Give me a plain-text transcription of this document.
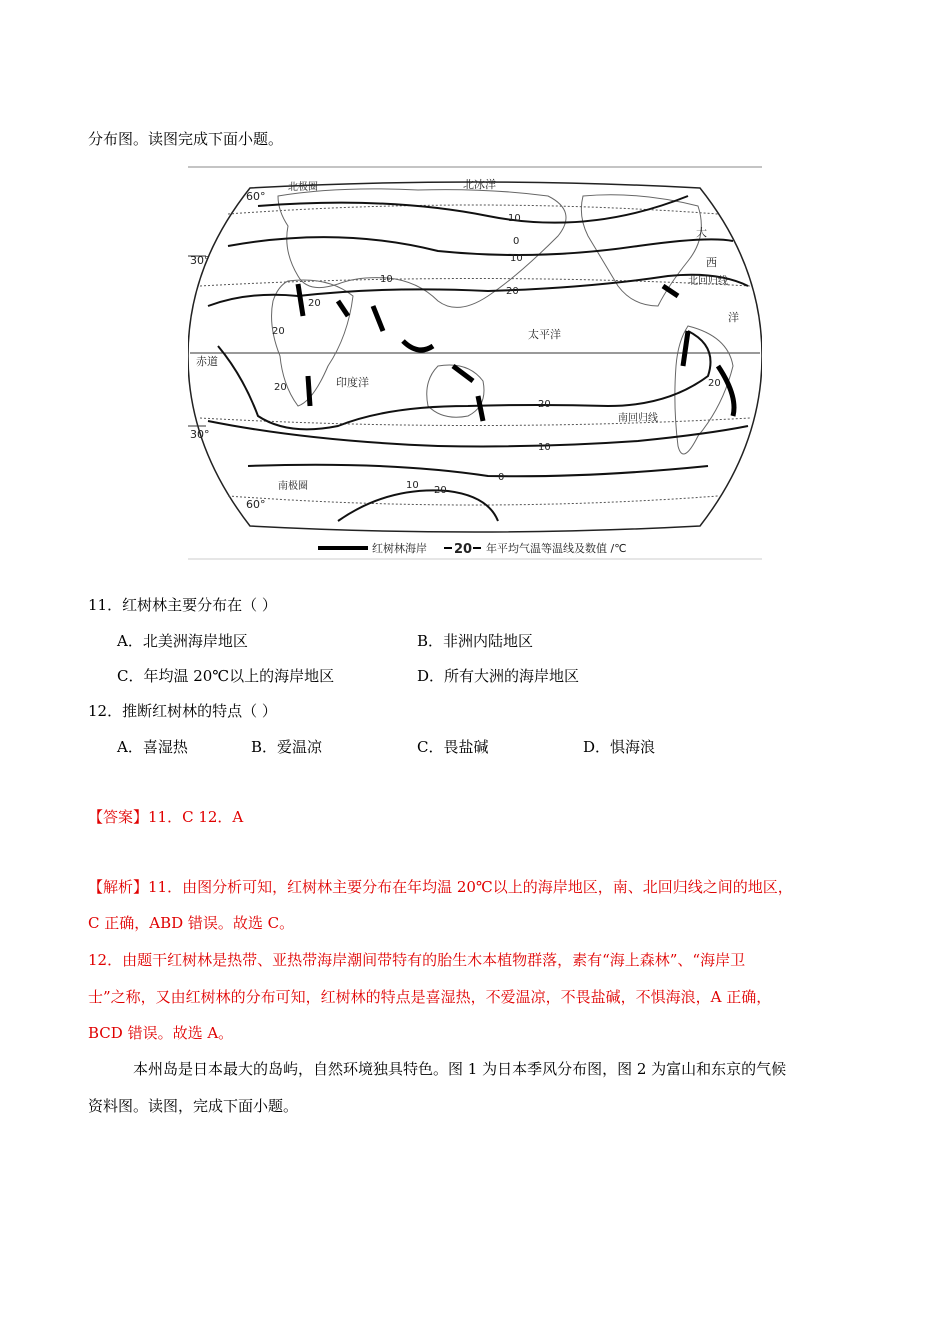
分布图。读图完成下面小题。
北冰洋
北极圈
太平洋
印度洋
大
西
洋
北回归线
南回归线
赤道
南极圈
60°
30°
30°
60°
0
10
10
10
20
20
20
20	20
20
10
0
10 20
红树林海岸 20 年平均气温等温线及数值 /℃
11．红树林主要分布在（ ）
A．北美洲海岸地区	B．非洲内陆地区
C．年均温 20℃以上的海岸地区	D．所有大洲的海岸地区
12．推断红树林的特点（ ）
A．喜湿热	B．爱温凉	C．畏盐碱	D．惧海浪
【答案】11．C 12．A
【解析】11．由图分析可知，红树林主要分布在年均温 20℃以上的海岸地区，南、北回归线之间的地区，
C 正确，ABD 错误。故选 C。
12．由题干红树林是热带、亚热带海岸潮间带特有的胎生木本植物群落，素有“海上森林”、“海岸卫
士”之称，又由红树林的分布可知，红树林的特点是喜湿热，不爱温凉，不畏盐碱，不惧海浪，A 正确，
BCD 错误。故选 A。
本州岛是日本最大的岛屿，自然环境独具特色。图 1 为日本季风分布图，图 2 为富山和东京的气候
资料图。读图，完成下面小题。
